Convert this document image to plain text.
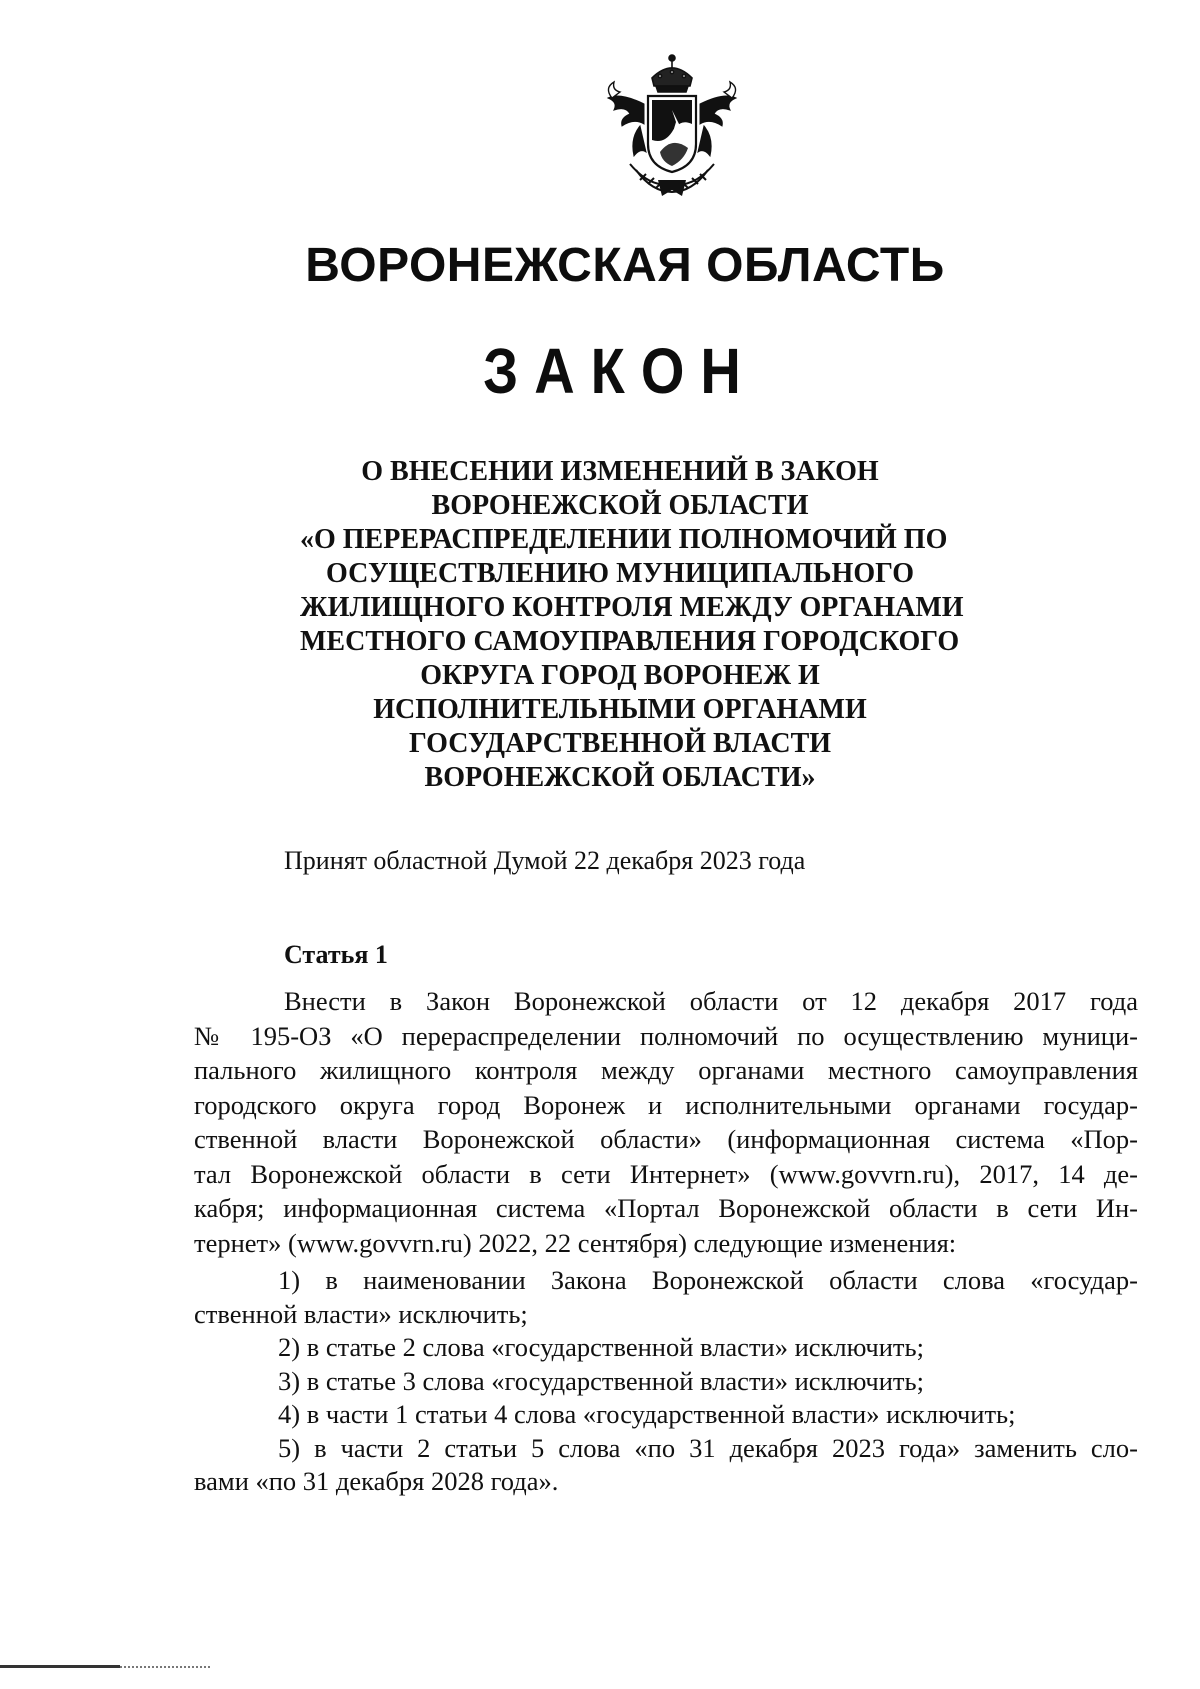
ВОРОНЕЖСКАЯ ОБЛАСТЬ
ЗАКОН
О ВНЕСЕНИИ ИЗМЕНЕНИЙ В ЗАКОН
ВОРОНЕЖСКОЙ ОБЛАСТИ
«О ПЕРЕРАСПРЕДЕЛЕНИИ ПОЛНОМОЧИЙ ПО
ОСУЩЕСТВЛЕНИЮ МУНИЦИПАЛЬНОГО
ЖИЛИЩНОГО КОНТРОЛЯ МЕЖДУ ОРГАНАМИ
МЕСТНОГО САМОУПРАВЛЕНИЯ ГОРОДСКОГО
ОКРУГА ГОРОД ВОРОНЕЖ И
ИСПОЛНИТЕЛЬНЫМИ ОРГАНАМИ
ГОСУДАРСТВЕННОЙ ВЛАСТИ
ВОРОНЕЖСКОЙ ОБЛАСТИ»
Принят областной Думой 22 декабря 2023 года
Статья 1
Внести в Закон Воронежской области от 12 декабря 2017 года
№ 195-ОЗ «О перераспределении полномочий по осуществлению муници-
пального жилищного контроля между органами местного самоуправления
городского округа город Воронеж и исполнительными органами государ-
ственной власти Воронежской области» (информационная система «Пор-
тал Воронежской области в сети Интернет» (www.govvrn.ru), 2017, 14 де-
кабря; информационная система «Портал Воронежской области в сети Ин-
тернет» (www.govvrn.ru) 2022, 22 сентября) следующие изменения:
1) в наименовании Закона Воронежской области слова «государ-
ственной власти» исключить;
2) в статье 2 слова «государственной власти» исключить;
3) в статье 3 слова «государственной власти» исключить;
4) в части 1 статьи 4 слова «государственной власти» исключить;
5) в части 2 статьи 5 слова «по 31 декабря 2023 года» заменить сло-
вами «по 31 декабря 2028 года».
